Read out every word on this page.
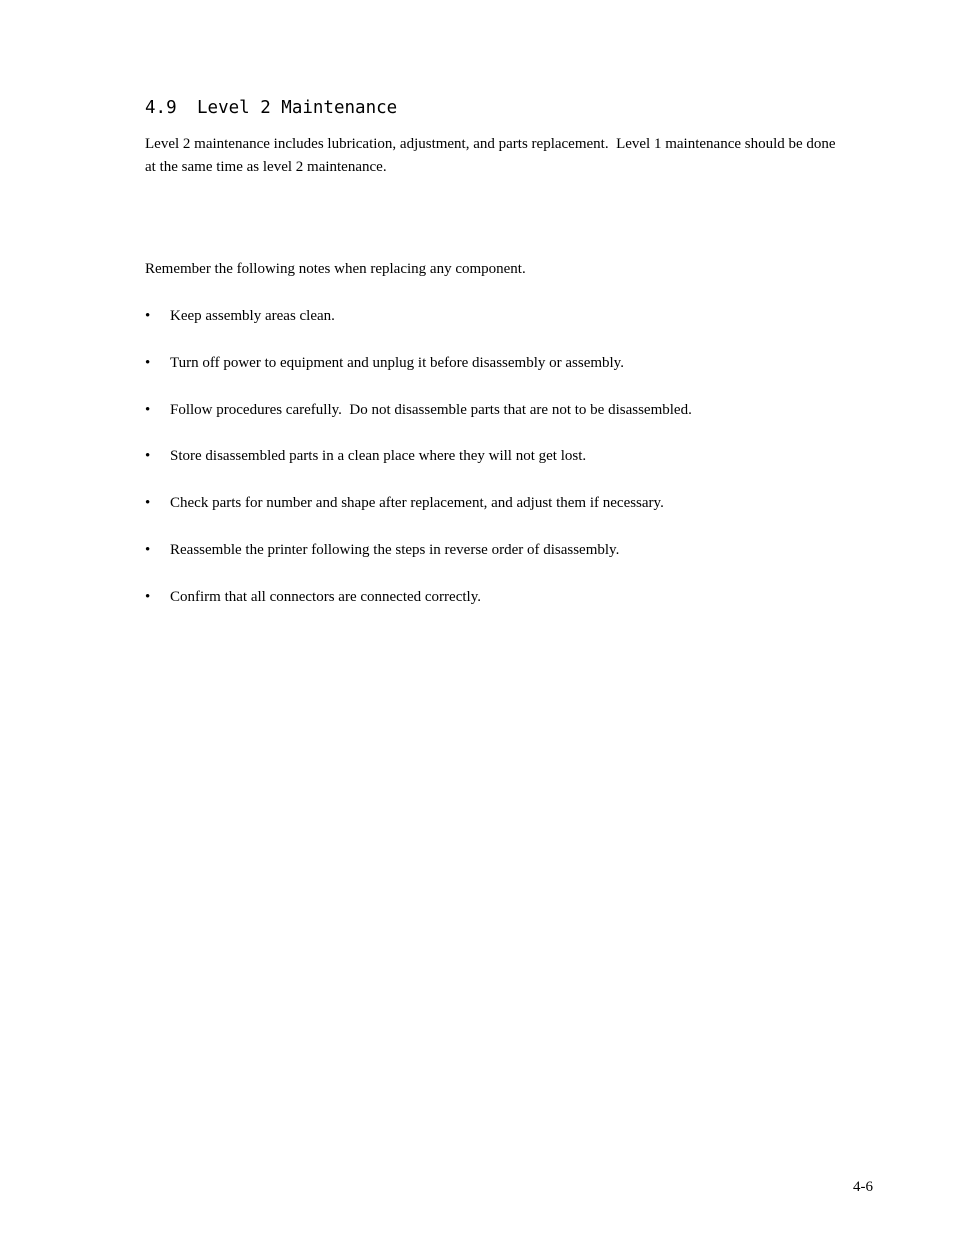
4.9 Level 2 Maintenance

Level 2 maintenance includes lubrication, adjustment, and parts replacement.  Level 1 maintenance should be done at the same time as level 2 maintenance.

Remember the following notes when replacing any component.

• Keep assembly areas clean.
• Turn off power to equipment and unplug it before disassembly or assembly.
• Follow procedures carefully.  Do not disassemble parts that are not to be disassembled.
• Store disassembled parts in a clean place where they will not get lost.
• Check parts for number and shape after replacement, and adjust them if necessary.
• Reassemble the printer following the steps in reverse order of disassembly.
• Confirm that all connectors are connected correctly.

4-6
